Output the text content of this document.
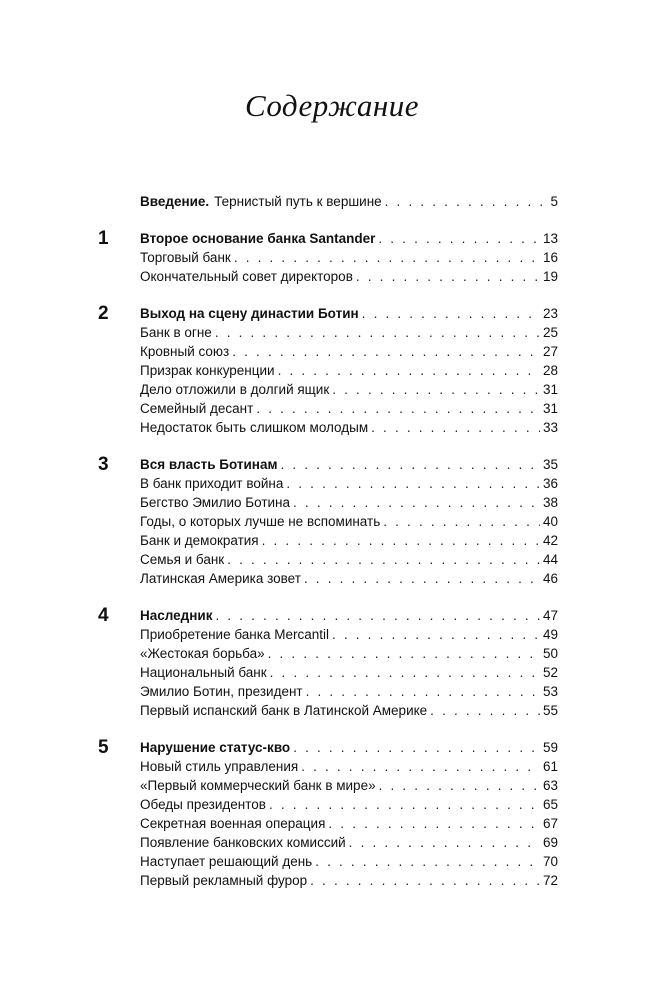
Содержание
Введение. Тернистый путь к вершине . . .	5
1 Второе основание банка Santander . . .	13
Торговый банк . . .	16
Окончательный совет директоров . . .	19
2 Выход на сцену династии Ботин . . .	23
Банк в огне . . .	25
Кровный союз . . .	27
Призрак конкуренции . . .	28
Дело отложили в долгий ящик . . .	31
Семейный десант . . .	31
Недостаток быть слишком молодым . . .	33
3 Вся власть Ботинам . . .	35
В банк приходит война . . .	36
Бегство Эмилио Ботина . . .	38
Годы, о которых лучше не вспоминать . . .	40
Банк и демократия . . .	42
Семья и банк . . .	44
Латинская Америка зовет . . .	46
4 Наследник . . .	47
Приобретение банка Mercantil . . .	49
«Жестокая борьба» . . .	50
Национальный банк . . .	52
Эмилио Ботин, президент . . .	53
Первый испанский банк в Латинской Америке . . .	55
5 Нарушение статус-кво . . .	59
Новый стиль управления . . .	61
«Первый коммерческий банк в мире» . . .	63
Обеды президентов . . .	65
Секретная военная операция . . .	67
Появление банковских комиссий . . .	69
Наступает решающий день . . .	70
Первый рекламный фурор . . .	72
